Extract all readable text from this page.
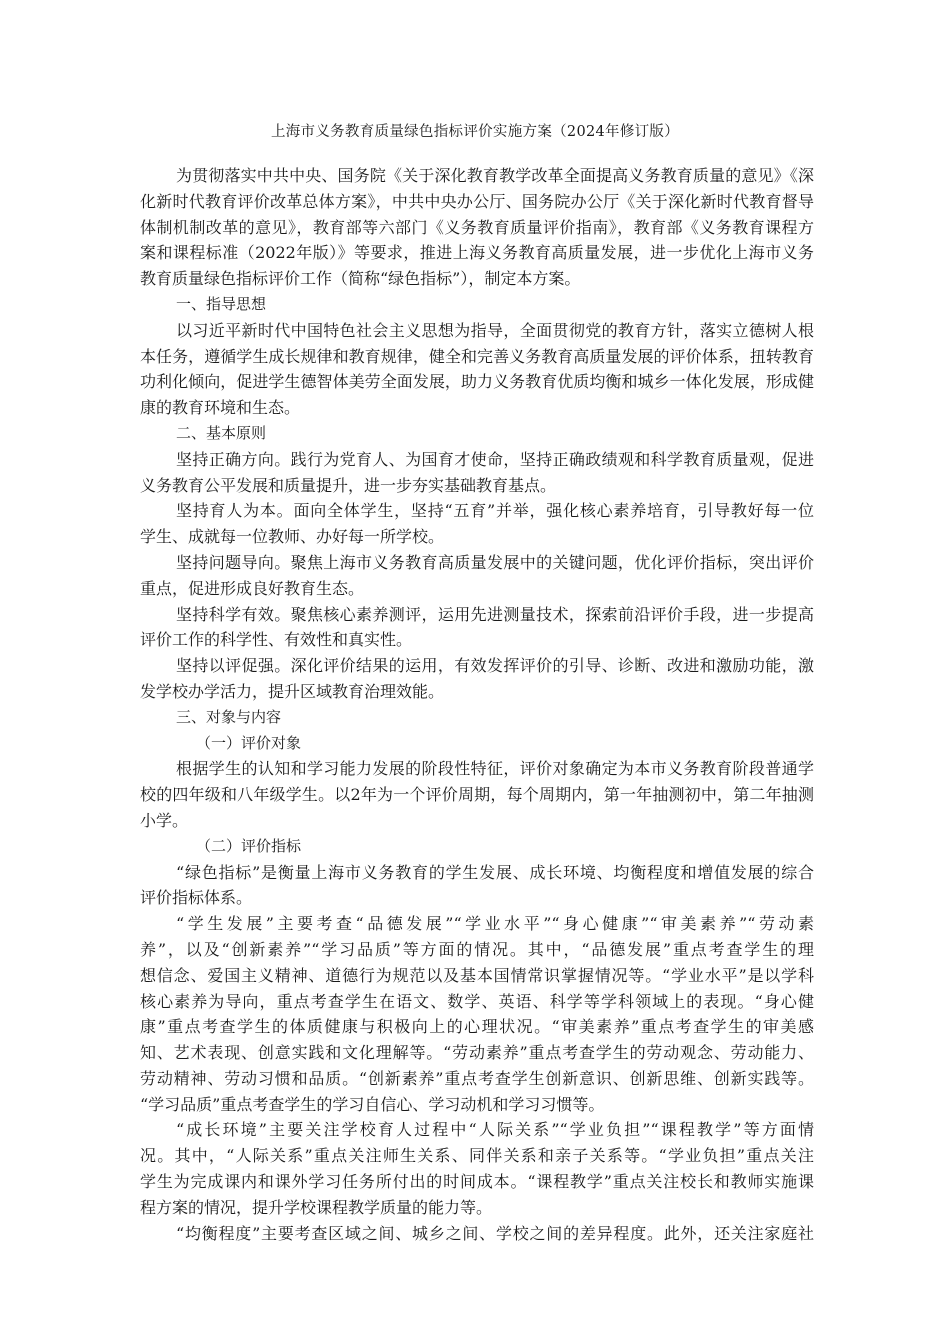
上海市义务教育质量绿色指标评价实施方案（2024年修订版）
为贯彻落实中共中央、国务院《关于深化教育教学改革全面提高义务教育质量的意见》《深
化新时代教育评价改革总体方案》，中共中央办公厅、国务院办公厅《关于深化新时代教育督导
体制机制改革的意见》，教育部等六部门《义务教育质量评价指南》，教育部《义务教育课程方
案和课程标准（2022年版）》等要求，推进上海义务教育高质量发展，进一步优化上海市义务
教育质量绿色指标评价工作（简称“绿色指标”），制定本方案。
一、指导思想
以习近平新时代中国特色社会主义思想为指导，全面贯彻党的教育方针，落实立德树人根
本任务，遵循学生成长规律和教育规律，健全和完善义务教育高质量发展的评价体系，扭转教育
功利化倾向，促进学生德智体美劳全面发展，助力义务教育优质均衡和城乡一体化发展，形成健
康的教育环境和生态。
二、基本原则
坚持正确方向。践行为党育人、为国育才使命，坚持正确政绩观和科学教育质量观，促进
义务教育公平发展和质量提升，进一步夯实基础教育基点。
坚持育人为本。面向全体学生，坚持“五育”并举，强化核心素养培育，引导教好每一位
学生、成就每一位教师、办好每一所学校。
坚持问题导向。聚焦上海市义务教育高质量发展中的关键问题，优化评价指标，突出评价
重点，促进形成良好教育生态。
坚持科学有效。聚焦核心素养测评，运用先进测量技术，探索前沿评价手段，进一步提高
评价工作的科学性、有效性和真实性。
坚持以评促强。深化评价结果的运用，有效发挥评价的引导、诊断、改进和激励功能，激
发学校办学活力，提升区域教育治理效能。
三、对象与内容
（一）评价对象
根据学生的认知和学习能力发展的阶段性特征，评价对象确定为本市义务教育阶段普通学
校的四年级和八年级学生。以2年为一个评价周期，每个周期内，第一年抽测初中，第二年抽测
小学。
（二）评价指标
“绿色指标”是衡量上海市义务教育的学生发展、成长环境、均衡程度和增值发展的综合
评价指标体系。
“学生发展”主要考查“品德发展”“学业水平”“身心健康”“审美素养”“劳动素
养”，以及“创新素养”“学习品质”等方面的情况。其中，“品德发展”重点考查学生的理
想信念、爱国主义精神、道德行为规范以及基本国情常识掌握情况等。“学业水平”是以学科
核心素养为导向，重点考查学生在语文、数学、英语、科学等学科领域上的表现。“身心健
康”重点考查学生的体质健康与积极向上的心理状况。“审美素养”重点考查学生的审美感
知、艺术表现、创意实践和文化理解等。“劳动素养”重点考查学生的劳动观念、劳动能力、
劳动精神、劳动习惯和品质。“创新素养”重点考查学生创新意识、创新思维、创新实践等。
“学习品质”重点考查学生的学习自信心、学习动机和学习习惯等。
“成长环境”主要关注学校育人过程中“人际关系”“学业负担”“课程教学”等方面情
况。其中，“人际关系”重点关注师生关系、同伴关系和亲子关系等。“学业负担”重点关注
学生为完成课内和课外学习任务所付出的时间成本。“课程教学”重点关注校长和教师实施课
程方案的情况，提升学校课程教学质量的能力等。
“均衡程度”主要考查区域之间、城乡之间、学校之间的差异程度。此外，还关注家庭社
